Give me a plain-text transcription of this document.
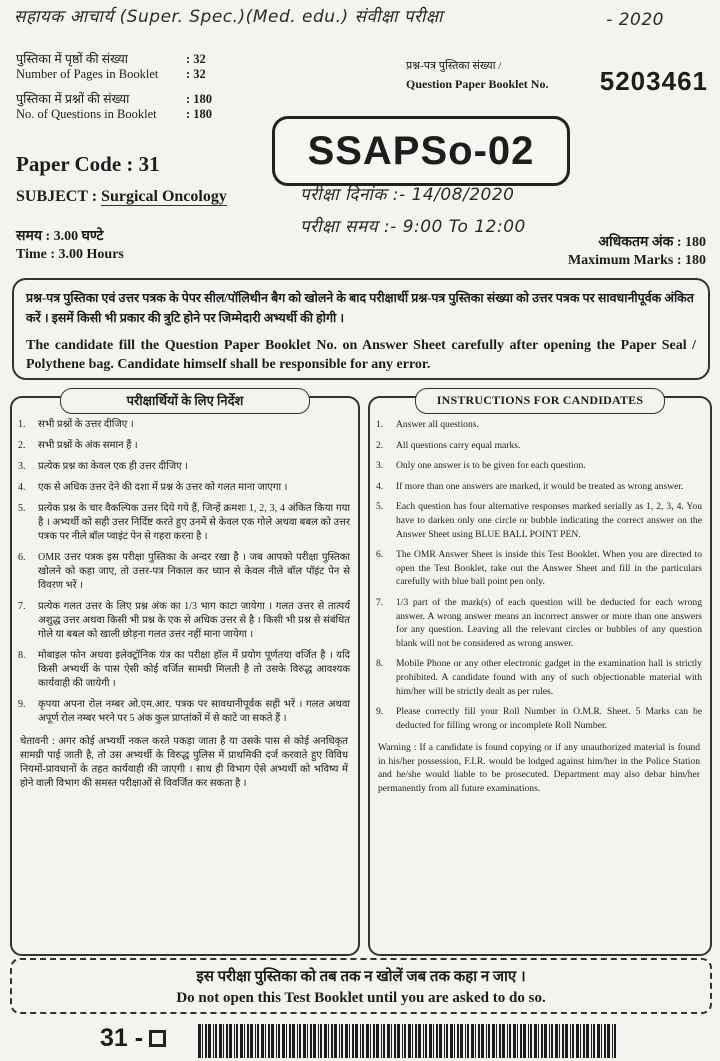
सहायक आचार्य (Super. Spec.)(Med. edu.) संवीक्षा परीक्षा	- 2020
पुस्तिका में पृष्ठों की संख्या	: 32
Number of Pages in Booklet	: 32
पुस्तिका में प्रश्नों की संख्या	: 180
No. of Questions in Booklet	: 180
प्रश्न-पत्र पुस्तिका संख्या /
Question Paper Booklet No.	5203461
SSAPSo-02
Paper Code : 31
SUBJECT : Surgical Oncology	परीक्षा दिनांक :- 14/08/2020
परीक्षा समय :- 9:00 To 12:00
समय : 3.00 घण्टे
Time : 3.00 Hours
अधिकतम अंक : 180
Maximum Marks : 180
प्रश्न-पत्र पुस्तिका एवं उत्तर पत्रक के पेपर सील/पॉलिथीन बैग को खोलने के बाद परीक्षार्थी प्रश्न-पत्र पुस्तिका संख्या को उत्तर पत्रक पर सावधानीपूर्वक अंकित करें । इसमें किसी भी प्रकार की त्रुटि होने पर जिम्मेदारी अभ्यर्थी की होगी ।
The candidate fill the Question Paper Booklet No. on Answer Sheet carefully after opening the Paper Seal / Polythene bag. Candidate himself shall be responsible for any error.
परीक्षार्थियों के लिए निर्देश
1.	सभी प्रश्नों के उत्तर दीजिए ।
2.	सभी प्रश्नों के अंक समान हैं ।
3.	प्रत्येक प्रश्न का केवल एक ही उत्तर दीजिए ।
4.	एक से अधिक उत्तर देने की दशा में प्रश्न के उत्तर को गलत माना जाएगा ।
5.	प्रत्येक प्रश्न के चार वैकल्पिक उत्तर दिये गये हैं, जिन्हें क्रमशः 1, 2, 3, 4 अंकित किया गया है । अभ्यर्थी को सही उत्तर निर्दिष्ट करते हुए उनमें से केवल एक गोले अथवा बबल को उत्तर पत्रक पर नीले बॉल प्वाइंट पेन से गहरा करना है ।
6.	OMR उत्तर पत्रक इस परीक्षा पुस्तिका के अन्दर रखा है । जब आपको परीक्षा पुस्तिका खोलने को कहा जाए, तो उत्तर-पत्र निकाल कर ध्यान से केवल नीले बॉल पॉइंट पेन से विवरण भरें ।
7.	प्रत्येक गलत उत्तर के लिए प्रश्न अंक का 1/3 भाग काटा जायेगा । गलत उत्तर से तात्पर्य अशुद्ध उत्तर अथवा किसी भी प्रश्न के एक से अधिक उत्तर से है । किसी भी प्रश्न से संबंधित गोले या बबल को खाली छोड़ना गलत उत्तर नहीं माना जायेगा ।
8.	मोबाइल फोन अथवा इलेक्ट्रॉनिक यंत्र का परीक्षा हॉल में प्रयोग पूर्णतया वर्जित है । यदि किसी अभ्यर्थी के पास ऐसी कोई वर्जित सामग्री मिलती है तो उसके विरुद्ध आवश्यक कार्यवाही की जायेगी ।
9.	कृपया अपना रोल नम्बर ओ.एम.आर. पत्रक पर सावधानीपूर्वक सही भरें । गलत अथवा अपूर्ण रोल नम्बर भरने पर 5 अंक कुल प्राप्तांकों में से काटे जा सकते हैं ।
चेतावनी : अगर कोई अभ्यर्थी नकल करते पकड़ा जाता है या उसके पास से कोई अनधिकृत सामग्री पाई जाती है, तो उस अभ्यर्थी के विरुद्ध पुलिस में प्राथमिकी दर्ज करवाते हुए विविध नियमों-प्रावधानों के तहत कार्यवाही की जाएगी । साथ ही विभाग ऐसे अभ्यर्थी को भविष्य में होने वाली विभाग की समस्त परीक्षाओं से विवर्जित कर सकता है ।
INSTRUCTIONS FOR CANDIDATES
1.	Answer all questions.
2.	All questions carry equal marks.
3.	Only one answer is to be given for each question.
4.	If more than one answers are marked, it would be treated as wrong answer.
5.	Each question has four alternative responses marked serially as 1, 2, 3, 4. You have to darken only one circle or bubble indicating the correct answer on the Answer Sheet using BLUE BALL POINT PEN.
6.	The OMR Answer Sheet is inside this Test Booklet. When you are directed to open the Test Booklet, take out the Answer Sheet and fill in the particulars carefully with blue ball point pen only.
7.	1/3 part of the mark(s) of each question will be deducted for each wrong answer. A wrong answer means an incorrect answer or more than one answers for any question. Leaving all the relevant circles or bubbles of any question blank will not be considered as wrong answer.
8.	Mobile Phone or any other electronic gadget in the examination hall is strictly prohibited. A candidate found with any of such objectionable material with him/her will be strictly dealt as per rules.
9.	Please correctly fill your Roll Number in O.M.R. Sheet. 5 Marks can be deducted for filling wrong or incomplete Roll Number.
Warning : If a candidate is found copying or if any unauthorized material is found in his/her possession, F.I.R. would be lodged against him/her in the Police Station and he/she would liable to be prosecuted. Department may also debar him/her permanently from all future examinations.
इस परीक्षा पुस्तिका को तब तक न खोलें जब तक कहा न जाए ।
Do not open this Test Booklet until you are asked to do so.
31 -
